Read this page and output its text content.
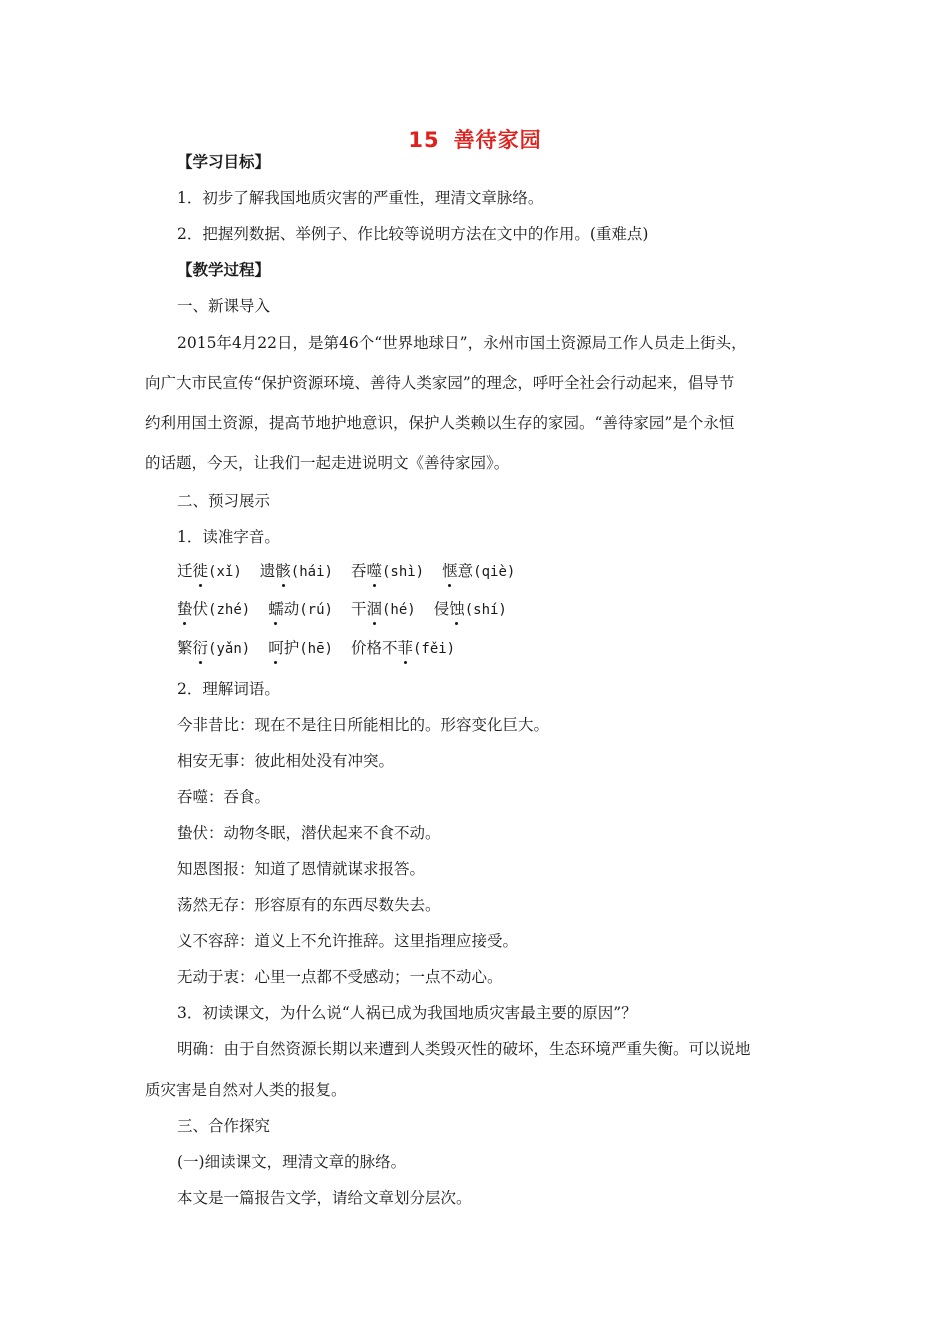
15 善待家园
【学习目标】
1．初步了解我国地质灾害的严重性，理清文章脉络。
2．把握列数据、举例子、作比较等说明方法在文中的作用。(重难点)
【教学过程】
一、新课导入
2015年4月22日，是第46个“世界地球日”，永州市国土资源局工作人员走上街头，
向广大市民宣传“保护资源环境、善待人类家园”的理念，呼吁全社会行动起来，倡导节
约利用国土资源，提高节地护地意识，保护人类赖以生存的家园。“善待家园”是个永恒
的话题，今天，让我们一起走进说明文《善待家园》。
二、预习展示
1．读准字音。
迁徙(xǐ) 遗骸(hái) 吞噬(shì) 惬意(qiè)
蛰伏(zhé) 蠕动(rú) 干涸(hé) 侵蚀(shí)
繁衍(yǎn) 呵护(hē) 价格不菲(fěi)
2．理解词语。
今非昔比：现在不是往日所能相比的。形容变化巨大。
相安无事：彼此相处没有冲突。
吞噬：吞食。
蛰伏：动物冬眠，潜伏起来不食不动。
知恩图报：知道了恩情就谋求报答。
荡然无存：形容原有的东西尽数失去。
义不容辞：道义上不允许推辞。这里指理应接受。
无动于衷：心里一点都不受感动；一点不动心。
3．初读课文，为什么说“人祸已成为我国地质灾害最主要的原因”？
明确：由于自然资源长期以来遭到人类毁灭性的破坏，生态环境严重失衡。可以说地
质灾害是自然对人类的报复。
三、合作探究
(一)细读课文，理清文章的脉络。
本文是一篇报告文学，请给文章划分层次。
